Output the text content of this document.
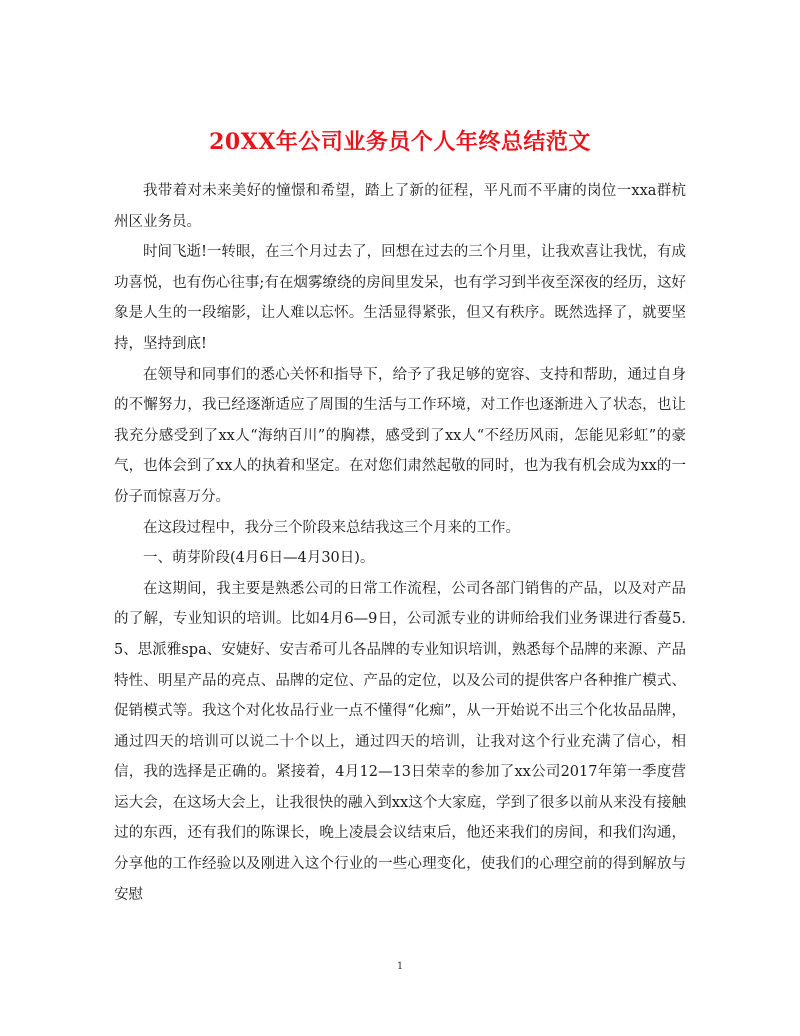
20XX年公司业务员个人年终总结范文

我带着对未来美好的憧憬和希望，踏上了新的征程，平凡而不平庸的岗位一xxa群杭州区业务员。

时间飞逝!一转眼，在三个月过去了，回想在过去的三个月里，让我欢喜让我忧，有成功喜悦，也有伤心往事;有在烟雾缭绕的房间里发呆，也有学习到半夜至深夜的经历，这好象是人生的一段缩影，让人难以忘怀。生活显得紧张，但又有秩序。既然选择了，就要坚持，坚持到底!

在领导和同事们的悉心关怀和指导下，给予了我足够的宽容、支持和帮助，通过自身的不懈努力，我已经逐渐适应了周围的生活与工作环境，对工作也逐渐进入了状态，也让我充分感受到了xx人“海纳百川”的胸襟，感受到了xx人“不经历风雨，怎能见彩虹”的豪气，也体会到了xx人的执着和坚定。在对您们肃然起敬的同时，也为我有机会成为xx的一份子而惊喜万分。

在这段过程中，我分三个阶段来总结我这三个月来的工作。

一、萌芽阶段(4月6日—4月30日)。

在这期间，我主要是熟悉公司的日常工作流程，公司各部门销售的产品，以及对产品的了解，专业知识的培训。比如4月6—9日，公司派专业的讲师给我们业务课进行香蔓5.5、思派雅spa、安婕好、安吉希可儿各品牌的专业知识培训，熟悉每个品牌的来源、产品特性、明星产品的亮点、品牌的定位、产品的定位，以及公司的提供客户各种推广模式、促销模式等。我这个对化妆品行业一点不懂得“化痴”，从一开始说不出三个化妆品品牌，通过四天的培训可以说二十个以上，通过四天的培训，让我对这个行业充满了信心，相信，我的选择是正确的。紧接着，4月12—13日荣幸的参加了xx公司2017年第一季度营运大会，在这场大会上，让我很快的融入到xx这个大家庭，学到了很多以前从来没有接触过的东西，还有我们的陈课长，晚上凌晨会议结束后，他还来我们的房间，和我们沟通，分享他的工作经验以及刚进入这个行业的一些心理变化，使我们的心理空前的得到解放与安慰

1
